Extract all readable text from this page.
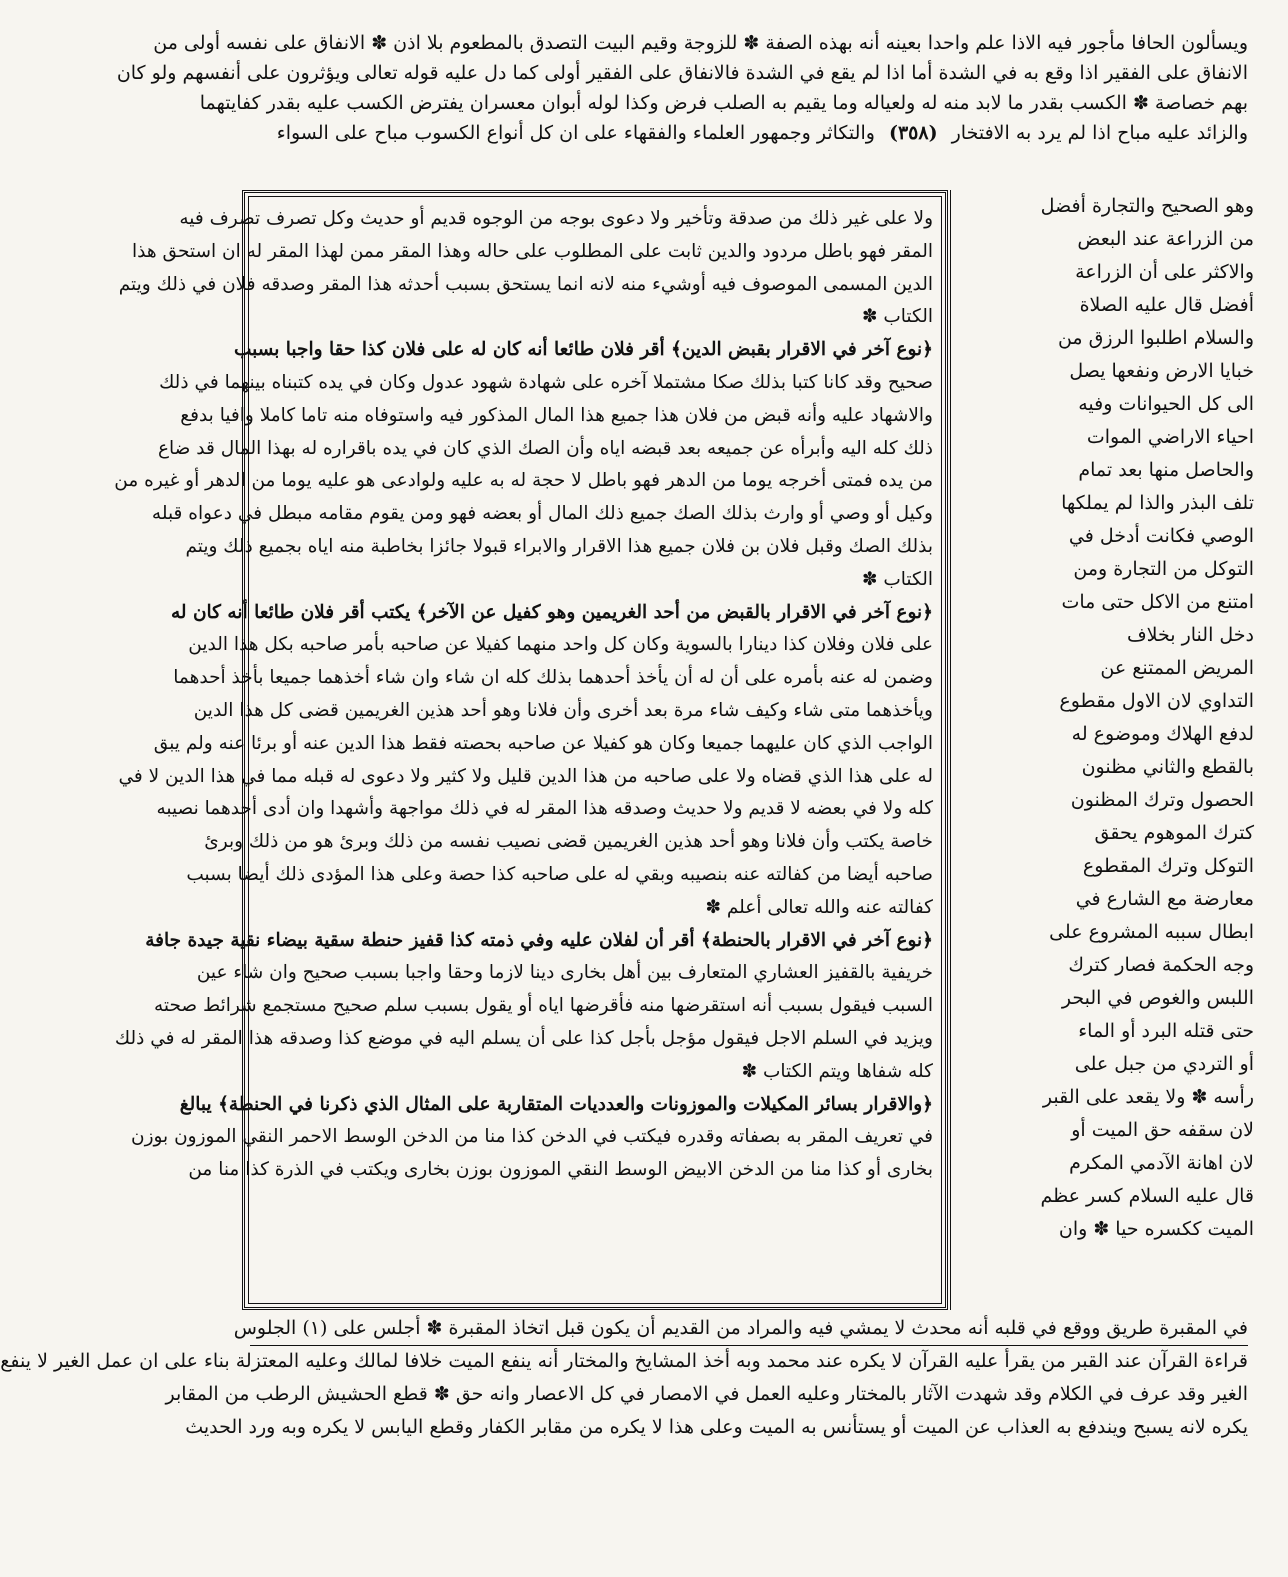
ويسألون الحافا مأجور فيه الاذا علم واحدا بعينه أنه بهذه الصفة ✽ للزوجة وقيم البيت التصدق بالمطعوم بلا اذن ✽ الانفاق على نفسه أولى من
الانفاق على الفقير اذا وقع به في الشدة أما اذا لم يقع في الشدة فالانفاق على الفقير أولى كما دل عليه قوله تعالى ويؤثرون على أنفسهم ولو كان
بهم خصاصة ✽ الكسب بقدر ما لابد منه له ولعياله وما يقيم به الصلب فرض وكذا لوله أبوان معسران يفترض الكسب عليه بقدر كفايتهما
والزائد عليه مباح اذا لم يرد به الافتخار (٣٥٨) والتكاثر وجمهور العلماء والفقهاء على ان كل أنواع الكسوب مباح على السواء
وهو الصحيح والتجارة أفضل
من الزراعة عند البعض
والاكثر على أن الزراعة
أفضل قال عليه الصلاة
والسلام اطلبوا الرزق من
خبايا الارض ونفعها يصل
الى كل الحيوانات وفيه
احياء الاراضي الموات
والحاصل منها بعد تمام
تلف البذر والذا لم يملكها
الوصي فكانت أدخل في
التوكل من التجارة ومن
امتنع من الاكل حتى مات
دخل النار بخلاف
المريض الممتنع عن
التداوي لان الاول مقطوع
لدفع الهلاك وموضوع له
بالقطع والثاني مظنون
الحصول وترك المظنون
كترك الموهوم يحقق
التوكل وترك المقطوع
معارضة مع الشارع في
ابطال سببه المشروع على
وجه الحكمة فصار كترك
اللبس والغوص في البحر
حتى قتله البرد أو الماء
أو التردي من جبل على
رأسه ✽ ولا يقعد على القبر
لان سقفه حق الميت أو
لان اهانة الآدمي المكرم
قال عليه السلام كسر عظم
الميت ككسره حيا ✽ وان
ولا على غير ذلك من صدقة وتأخير ولا دعوى بوجه من الوجوه قديم أو حديث وكل تصرف تصرف فيه
المقر فهو باطل مردود والدين ثابت على المطلوب على حاله وهذا المقر ممن لهذا المقر له ان استحق هذا
الدين المسمى الموصوف فيه أوشيء منه لانه انما يستحق بسبب أحدثه هذا المقر وصدقه فلان في ذلك ويتم
الكتاب ✽
﴿نوع آخر في الاقرار بقبض الدين﴾ أقر فلان طائعا أنه كان له على فلان كذا حقا واجبا بسبب
صحيح وقد كانا كتبا بذلك صكا مشتملا آخره على شهادة شهود عدول وكان في يده كتبناه بينهما في ذلك
والاشهاد عليه وأنه قبض من فلان هذا جميع هذا المال المذكور فيه واستوفاه منه تاما كاملا وافيا بدفع
ذلك كله اليه وأبرأه عن جميعه بعد قبضه اياه وأن الصك الذي كان في يده باقراره له بهذا المال قد ضاع
من يده فمتى أخرجه يوما من الدهر فهو باطل لا حجة له به عليه ولوادعى هو عليه يوما من الدهر أو غيره من
وكيل أو وصي أو وارث بذلك الصك جميع ذلك المال أو بعضه فهو ومن يقوم مقامه مبطل في دعواه قبله
بذلك الصك وقبل فلان بن فلان جميع هذا الاقرار والابراء قبولا جائزا بخاطبة منه اياه بجميع ذلك ويتم
الكتاب ✽
﴿نوع آخر في الاقرار بالقبض من أحد الغريمين وهو كفيل عن الآخر﴾ يكتب أقر فلان طائعا أنه كان له
على فلان وفلان كذا دينارا بالسوية وكان كل واحد منهما كفيلا عن صاحبه بأمر صاحبه بكل هذا الدين
وضمن له عنه بأمره على أن له أن يأخذ أحدهما بذلك كله ان شاء وان شاء أخذهما جميعا بأخذ أحدهما
ويأخذهما متى شاء وكيف شاء مرة بعد أخرى وأن فلانا وهو أحد هذين الغريمين قضى كل هذا الدين
الواجب الذي كان عليهما جميعا وكان هو كفيلا عن صاحبه بحصته فقط هذا الدين عنه أو برئا عنه ولم يبق
له على هذا الذي قضاه ولا على صاحبه من هذا الدين قليل ولا كثير ولا دعوى له قبله مما في هذا الدين لا في
كله ولا في بعضه لا قديم ولا حديث وصدقه هذا المقر له في ذلك مواجهة وأشهدا وان أدى أحدهما نصيبه
خاصة يكتب وأن فلانا وهو أحد هذين الغريمين قضى نصيب نفسه من ذلك وبرئ هو من ذلك وبرئ
صاحبه أيضا من كفالته عنه بنصيبه وبقي له على صاحبه كذا حصة وعلى هذا المؤدى ذلك أيضا بسبب
كفالته عنه والله تعالى أعلم ✽
﴿نوع آخر في الاقرار بالحنطة﴾ أقر أن لفلان عليه وفي ذمته كذا قفيز حنطة سقية بيضاء نقية جيدة جافة
خريفية بالقفيز العشاري المتعارف بين أهل بخارى دينا لازما وحقا واجبا بسبب صحيح وان شاء عين
السبب فيقول بسبب أنه استقرضها منه فأقرضها اياه أو يقول بسبب سلم صحيح مستجمع شرائط صحته
ويزيد في السلم الاجل فيقول مؤجل بأجل كذا على أن يسلم اليه في موضع كذا وصدقه هذا المقر له في ذلك
كله شفاها ويتم الكتاب ✽
﴿والاقرار بسائر المكيلات والموزونات والعدديات المتقاربة على المثال الذي ذكرنا في الحنطة﴾ يبالغ
في تعريف المقر به بصفاته وقدره فيكتب في الدخن كذا منا من الدخن الوسط الاحمر النقي الموزون بوزن
بخارى أو كذا منا من الدخن الابيض الوسط النقي الموزون بوزن بخارى ويكتب في الذرة كذا منا من
في المقبرة طريق ووقع في قلبه أنه محدث لا يمشي فيه والمراد من القديم أن يكون قبل اتخاذ المقبرة ✽ أجلس على (١) الجلوس
قراءة القرآن عند القبر من يقرأ عليه القرآن لا يكره عند محمد وبه أخذ المشايخ والمختار أنه ينفع الميت خلافا لمالك وعليه المعتزلة بناء على ان عمل الغير لا ينفع
الغير وقد عرف في الكلام وقد شهدت الآثار بالمختار وعليه العمل في الامصار في كل الاعصار وانه حق ✽ قطع الحشيش الرطب من المقابر
يكره لانه يسبح ويندفع به العذاب عن الميت أو يستأنس به الميت وعلى هذا لا يكره من مقابر الكفار وقطع اليابس لا يكره وبه ورد الحديث
